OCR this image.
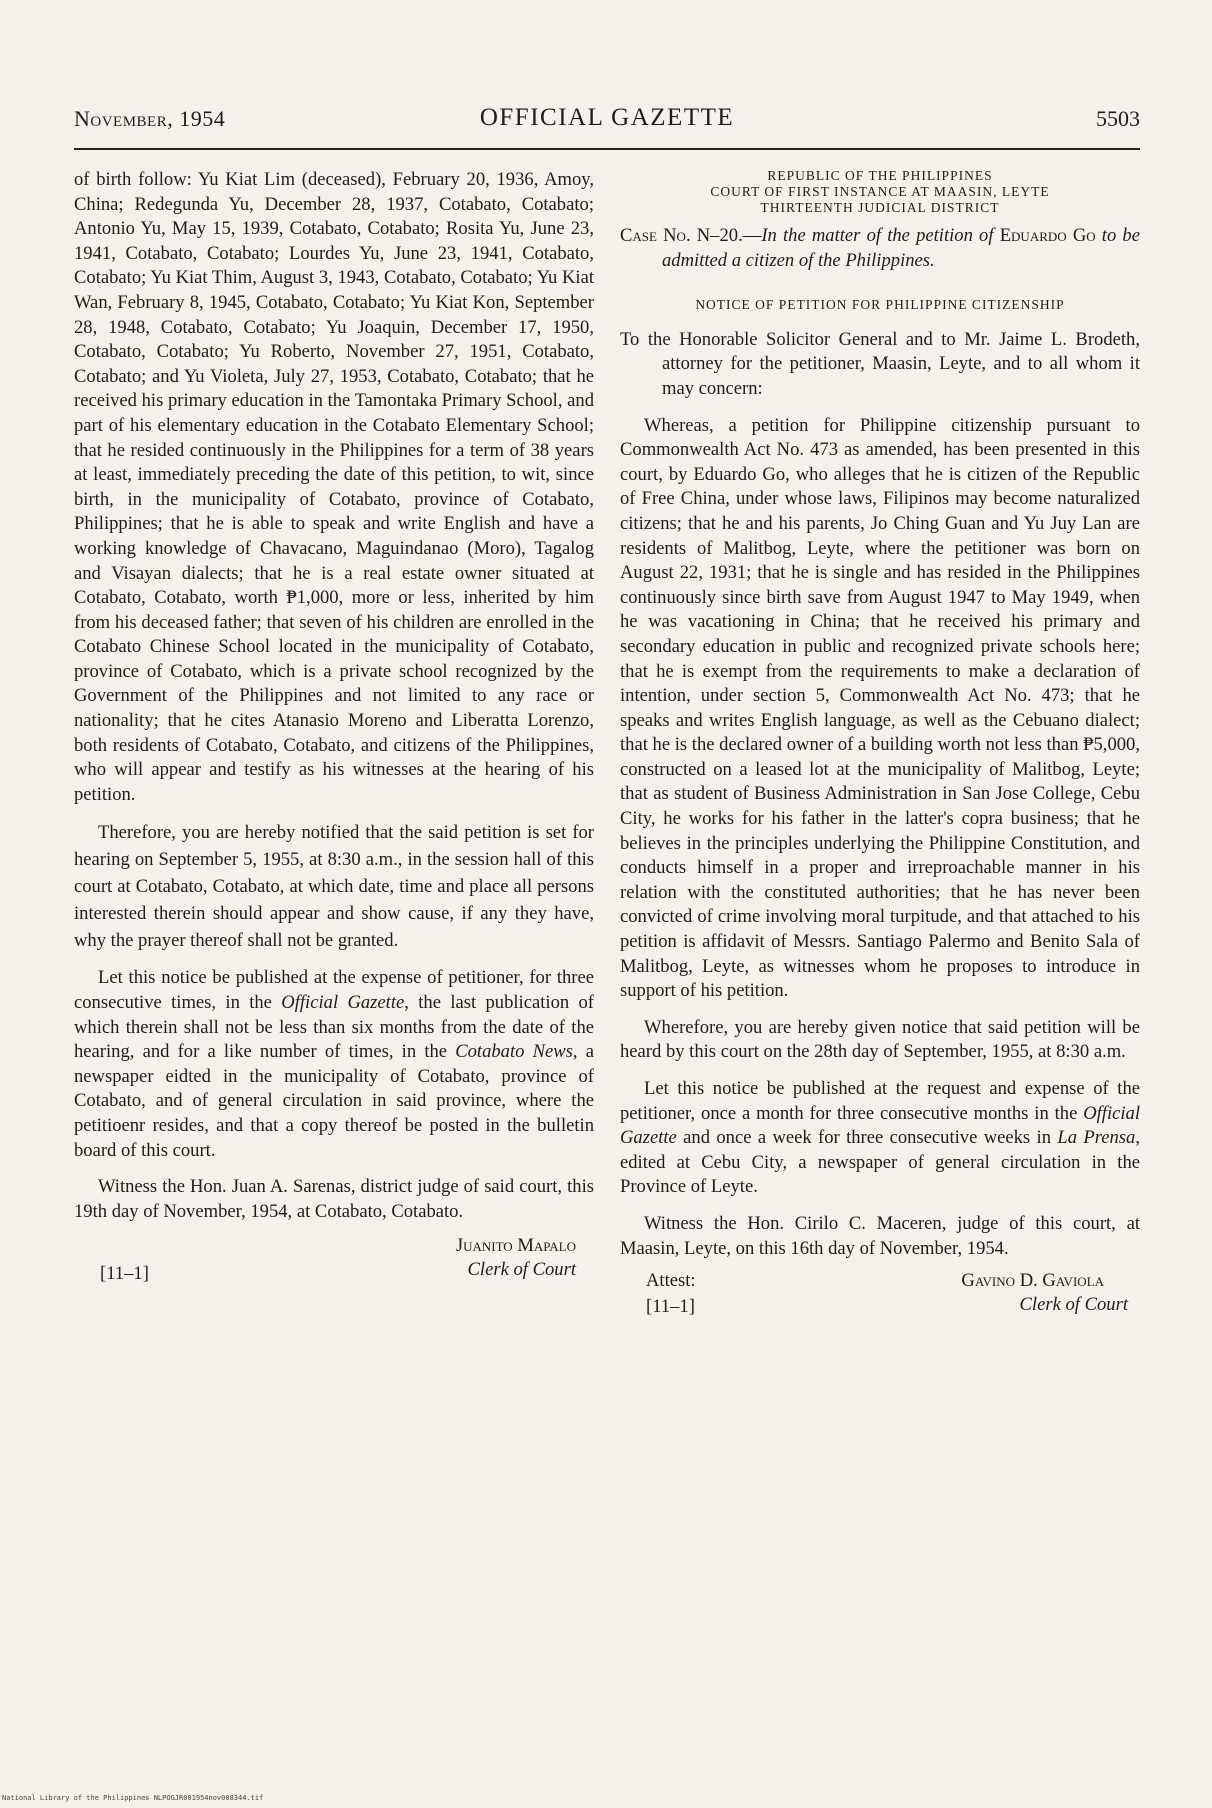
November, 1954	OFFICIAL GAZETTE	5503

of birth follow: Yu Kiat Lim (deceased), February 20, 1936, Amoy, China; Redegunda Yu, December 28, 1937, Cotabato, Cotabato; Antonio Yu, May 15, 1939, Cotabato, Cotabato; Rosita Yu, June 23, 1941, Cotabato, Cotabato; Lourdes Yu, June 23, 1941, Cotabato, Cotabato; Yu Kiat Thim, August 3, 1943, Cotabato, Cotabato; Yu Kiat Wan, February 8, 1945, Cotabato, Cotabato; Yu Kiat Kon, September 28, 1948, Cotabato, Cotabato; Yu Joaquin, December 17, 1950, Cotabato, Cotabato; Yu Roberto, November 27, 1951, Cotabato, Cotabato; and Yu Violeta, July 27, 1953, Cotabato, Cotabato; that he received his primary education in the Tamontaka Primary School, and part of his elementary education in the Cotabato Elementary School; that he resided continuously in the Philippines for a term of 38 years at least, immediately preceding the date of this petition, to wit, since birth, in the municipality of Cotabato, province of Cotabato, Philippines; that he is able to speak and write English and have a working knowledge of Chavacano, Maguindanao (Moro), Tagalog and Visayan dialects; that he is a real estate owner situated at Cotabato, Cotabato, worth ₱1,000, more or less, inherited by him from his deceased father; that seven of his children are enrolled in the Cotabato Chinese School located in the municipality of Cotabato, province of Cotabato, which is a private school recognized by the Government of the Philippines and not limited to any race or nationality; that he cites Atanasio Moreno and Liberatta Lorenzo, both residents of Cotabato, Cotabato, and citizens of the Philippines, who will appear and testify as his witnesses at the hearing of his petition.

Therefore, you are hereby notified that the said petition is set for hearing on September 5, 1955, at 8:30 a.m., in the session hall of this court at Cotabato, Cotabato, at which date, time and place all persons interested therein should appear and show cause, if any they have, why the prayer thereof shall not be granted.

Let this notice be published at the expense of petitioner, for three consecutive times, in the Official Gazette, the last publication of which therein shall not be less than six months from the date of the hearing, and for a like number of times, in the Cotabato News, a newspaper eidted in the municipality of Cotabato, province of Cotabato, and of general circulation in said province, where the petitioenr resides, and that a copy thereof be posted in the bulletin board of this court.

Witness the Hon. Juan A. Sarenas, district judge of said court, this 19th day of November, 1954, at Cotabato, Cotabato.

Juanito Mapalo
Clerk of Court
[11–1]
REPUBLIC OF THE PHILIPPINES
COURT OF FIRST INSTANCE AT MAASIN, LEYTE
THIRTEENTH JUDICIAL DISTRICT

Case No. N–20.—In the matter of the petition of Eduardo Go to be admitted a citizen of the Philippines.

NOTICE OF PETITION FOR PHILIPPINE CITIZENSHIP

To the Honorable Solicitor General and to Mr. Jaime L. Brodeth, attorney for the petitioner, Maasin, Leyte, and to all whom it may concern:

Whereas, a petition for Philippine citizenship pursuant to Commonwealth Act No. 473 as amended, has been presented in this court, by Eduardo Go, who alleges that he is citizen of the Republic of Free China, under whose laws, Filipinos may become naturalized citizens; that he and his parents, Jo Ching Guan and Yu Juy Lan are residents of Malitbog, Leyte, where the petitioner was born on August 22, 1931; that he is single and has resided in the Philippines continuously since birth save from August 1947 to May 1949, when he was vacationing in China; that he received his primary and secondary education in public and recognized private schools here; that he is exempt from the requirements to make a declaration of intention, under section 5, Commonwealth Act No. 473; that he speaks and writes English language, as well as the Cebuano dialect; that he is the declared owner of a building worth not less than ₱5,000, constructed on a leased lot at the municipality of Malitbog, Leyte; that as student of Business Administration in San Jose College, Cebu City, he works for his father in the latter's copra business; that he believes in the principles underlying the Philippine Constitution, and conducts himself in a proper and irreproachable manner in his relation with the constituted authorities; that he has never been convicted of crime involving moral turpitude, and that attached to his petition is affidavit of Messrs. Santiago Palermo and Benito Sala of Malitbog, Leyte, as witnesses whom he proposes to introduce in support of his petition.

Wherefore, you are hereby given notice that said petition will be heard by this court on the 28th day of September, 1955, at 8:30 a.m.

Let this notice be published at the request and expense of the petitioner, once a month for three consecutive months in the Official Gazette and once a week for three consecutive weeks in La Prensa, edited at Cebu City, a newspaper of general circulation in the Province of Leyte.

Witness the Hon. Cirilo C. Maceren, judge of this court, at Maasin, Leyte, on this 16th day of November, 1954.

Attest:
[11–1]
Gavino D. Gaviola
Clerk of Court
National Library of the Philippines NLPOGJR001954nov008344.tif
